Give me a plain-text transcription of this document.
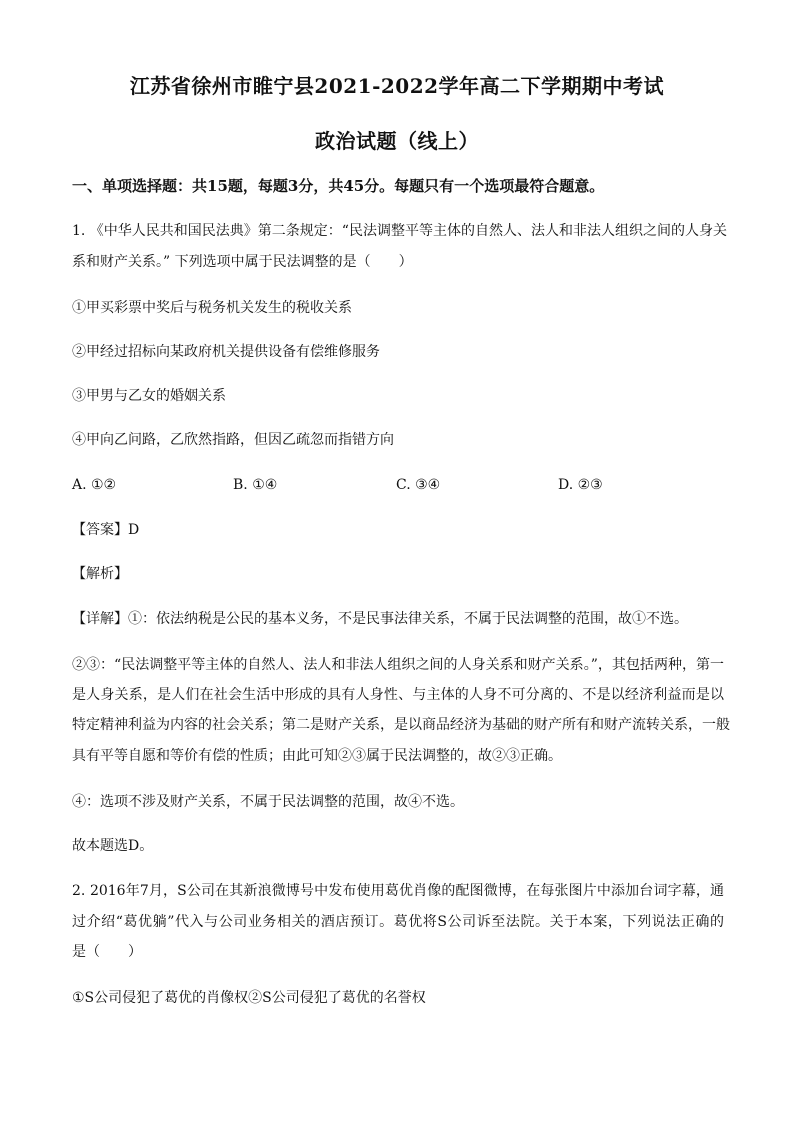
江苏省徐州市睢宁县2021-2022学年高二下学期期中考试
政治试题（线上）
一、单项选择题：共15题，每题3分，共45分。每题只有一个选项最符合题意。
1. 《中华人民共和国民法典》第二条规定：“民法调整平等主体的自然人、法人和非法人组织之间的人身关
系和财产关系。” 下列选项中属于民法调整的是（　　）
①甲买彩票中奖后与税务机关发生的税收关系
②甲经过招标向某政府机关提供设备有偿维修服务
③甲男与乙女的婚姻关系
④甲向乙问路，乙欣然指路，但因乙疏忽而指错方向
A. ①②	B. ①④	C. ③④	D. ②③
【答案】D
【解析】
【详解】①：依法纳税是公民的基本义务，不是民事法律关系，不属于民法调整的范围，故①不选。
②③：“民法调整平等主体的自然人、法人和非法人组织之间的人身关系和财产关系。”，其包括两种，第一
是人身关系，是人们在社会生活中形成的具有人身性、与主体的人身不可分离的、不是以经济利益而是以
特定精神利益为内容的社会关系；第二是财产关系，是以商品经济为基础的财产所有和财产流转关系，一般
具有平等自愿和等价有偿的性质；由此可知②③属于民法调整的，故②③正确。
④：选项不涉及财产关系，不属于民法调整的范围，故④不选。
故本题选D。
2. 2016年7月，S公司在其新浪微博号中发布使用葛优肖像的配图微博，在每张图片中添加台词字幕，通
过介绍“葛优躺”代入与公司业务相关的酒店预订。葛优将S公司诉至法院。关于本案，下列说法正确的
是（　　）
①S公司侵犯了葛优的肖像权②S公司侵犯了葛优的名誉权
